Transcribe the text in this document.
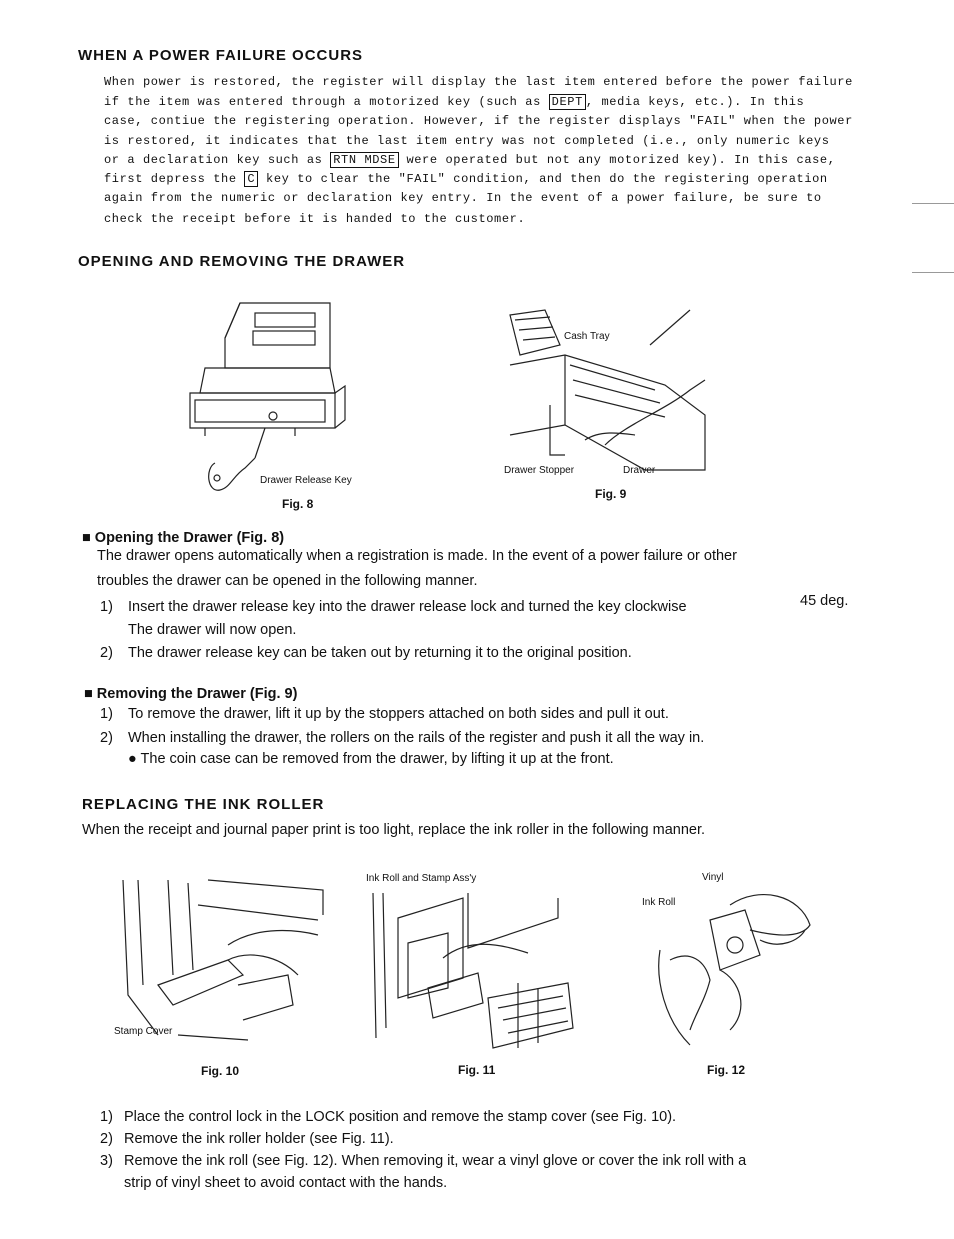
WHEN A POWER FAILURE OCCURS
When power is restored, the register will display the last item entered before the power failure
if the item was entered through a motorized key (such as DEPT , media keys, etc.). In this
case, contiue the registering operation. However, if the register displays "FAIL" when the power
is restored, it indicates that the last item entry was not completed (i.e., only numeric keys
or a declaration key such as RTN MDSE were operated but not any motorized key). In this case,
first depress the C key to clear the "FAIL" condition, and then do the registering operation
again from the numeric or declaration key entry. In the event of a power failure, be sure to
check the receipt before it is handed to the customer.
OPENING AND REMOVING THE DRAWER
Drawer Release Key
Fig. 8
Cash Tray
Drawer Stopper	Drawer
Fig. 9
■ Opening the Drawer (Fig. 8)
The drawer opens automatically when a registration is made. In the event of a power failure or other
troubles the drawer can be opened in the following manner.
1) Insert the drawer release key into the drawer release lock and turned the key clockwise	45 deg.
The drawer will now open.
2) The drawer release key can be taken out by returning it to the original position.
■ Removing the Drawer (Fig. 9)
1) To remove the drawer, lift it up by the stoppers attached on both sides and pull it out.
2) When installing the drawer, the rollers on the rails of the register and push it all the way in.
● The coin case can be removed from the drawer, by lifting it up at the front.
REPLACING THE INK ROLLER
When the receipt and journal paper print is too light, replace the ink roller in the following manner.
Stamp Cover
Fig. 10
Ink Roll and Stamp Ass'y
Fig. 11
Vinyl
Ink Roll
Fig. 12
1) Place the control lock in the LOCK position and remove the stamp cover (see Fig. 10).
2) Remove the ink roller holder (see Fig. 11).
3) Remove the ink roll (see Fig. 12). When removing it, wear a vinyl glove or cover the ink roll with a
strip of vinyl sheet to avoid contact with the hands.
